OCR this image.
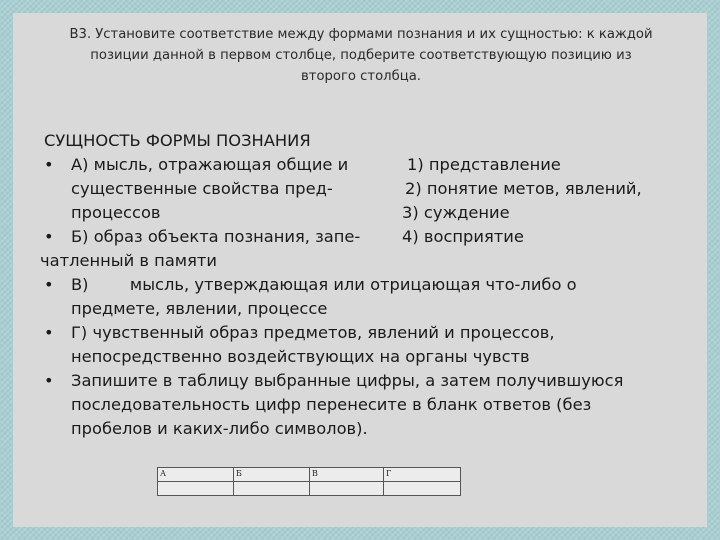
В3. Установите соответствие между формами познания и их сущностью: к каждой
позиции данной в первом столбце, подберите соответствующую позицию из
второго столбца.
СУЩНОСТЬ ФОРМЫ ПОЗНАНИЯ
• А) мысль, отражающая общие и	1) представление
существенные свойства пред-	2) понятие метов, явлений,
процессов	3) суждение
• Б) образ объекта познания, запе-	4) восприятие
чатленный в памяти
• В)        мысль, утверждающая или отрицающая что-либо о
предмете, явлении, процессе
• Г) чувственный образ предметов, явлений и процессов,
непосредственно воздействующих на органы чувств
• Запишите в таблицу выбранные цифры, а затем получившуюся
последовательность цифр перенесите в бланк ответов (без
пробелов и каких-либо символов).
А	Б	В	Г
